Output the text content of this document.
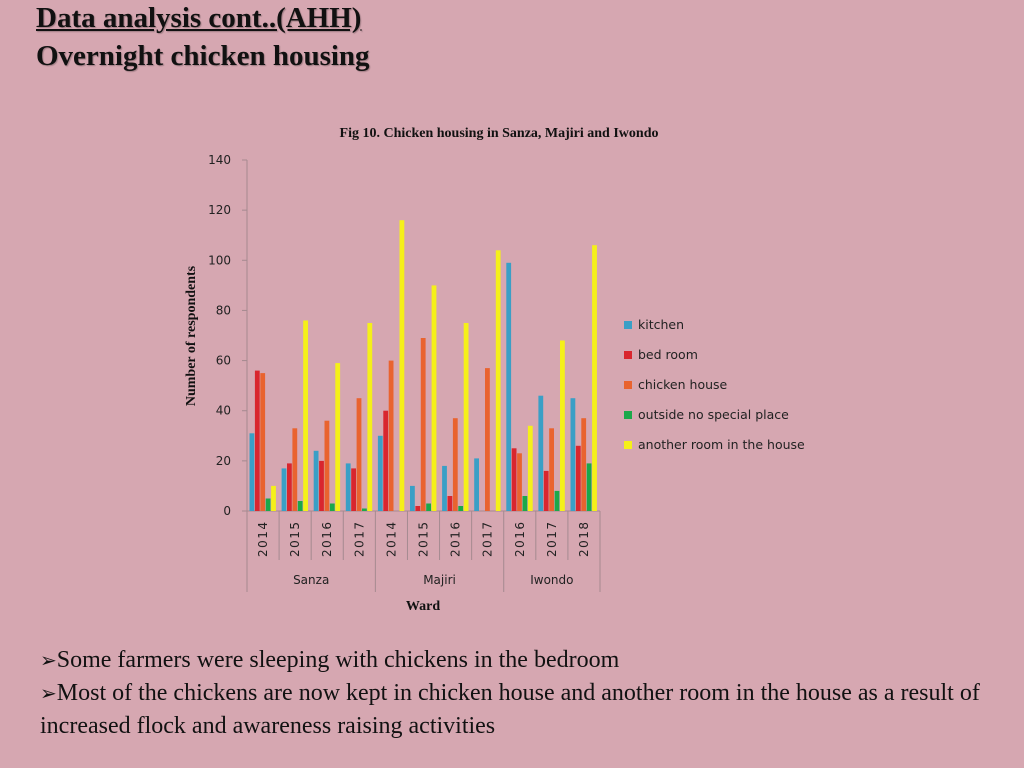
Data analysis cont..(AHH)
Overnight chicken housing
Fig 10. Chicken housing in Sanza, Majiri and Iwondo
Number of respondents
Ward
0
20
40
60
80
100
120
140
2014 2015 2016 2017 2014 2015 2016 2017 2016 2017 2018
Sanza	Majiri	Iwondo
kitchen
bed room
chicken house
outside no special place
another room in the house
➢Some farmers were sleeping with chickens in the bedroom
➢Most of the chickens are now kept in chicken house and another room in the house as a result of increased flock and awareness raising activities
